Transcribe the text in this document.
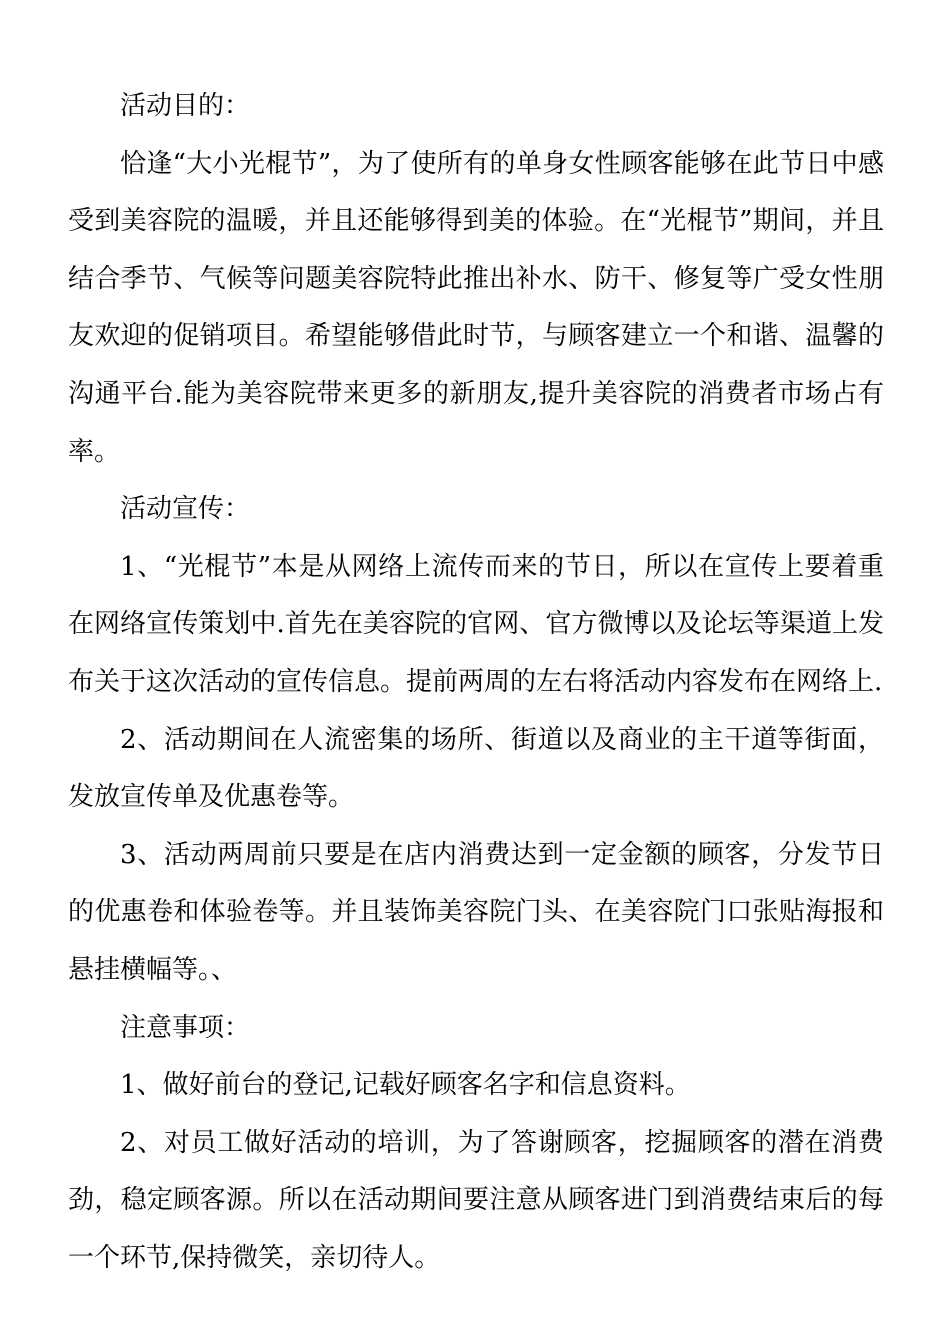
活动目的：

恰逢“大小光棍节”，为了使所有的单身女性顾客能够在此节日中感受到美容院的温暖，并且还能够得到美的体验。在“光棍节”期间，并且结合季节、气候等问题美容院特此推出补水、防干、修复等广受女性朋友欢迎的促销项目。希望能够借此时节，与顾客建立一个和谐、温馨的沟通平台.能为美容院带来更多的新朋友,提升美容院的消费者市场占有率。

活动宣传：

1、“光棍节”本是从网络上流传而来的节日，所以在宣传上要着重在网络宣传策划中.首先在美容院的官网、官方微博以及论坛等渠道上发布关于这次活动的宣传信息。提前两周的左右将活动内容发布在网络上.

2、活动期间在人流密集的场所、街道以及商业的主干道等街面，发放宣传单及优惠卷等。

3、活动两周前只要是在店内消费达到一定金额的顾客，分发节日的优惠卷和体验卷等。并且装饰美容院门头、在美容院门口张贴海报和悬挂横幅等。、

注意事项：

1、做好前台的登记,记载好顾客名字和信息资料。

2、对员工做好活动的培训，为了答谢顾客，挖掘顾客的潜在消费劲，稳定顾客源。所以在活动期间要注意从顾客进门到消费结束后的每一个环节,保持微笑，亲切待人。
